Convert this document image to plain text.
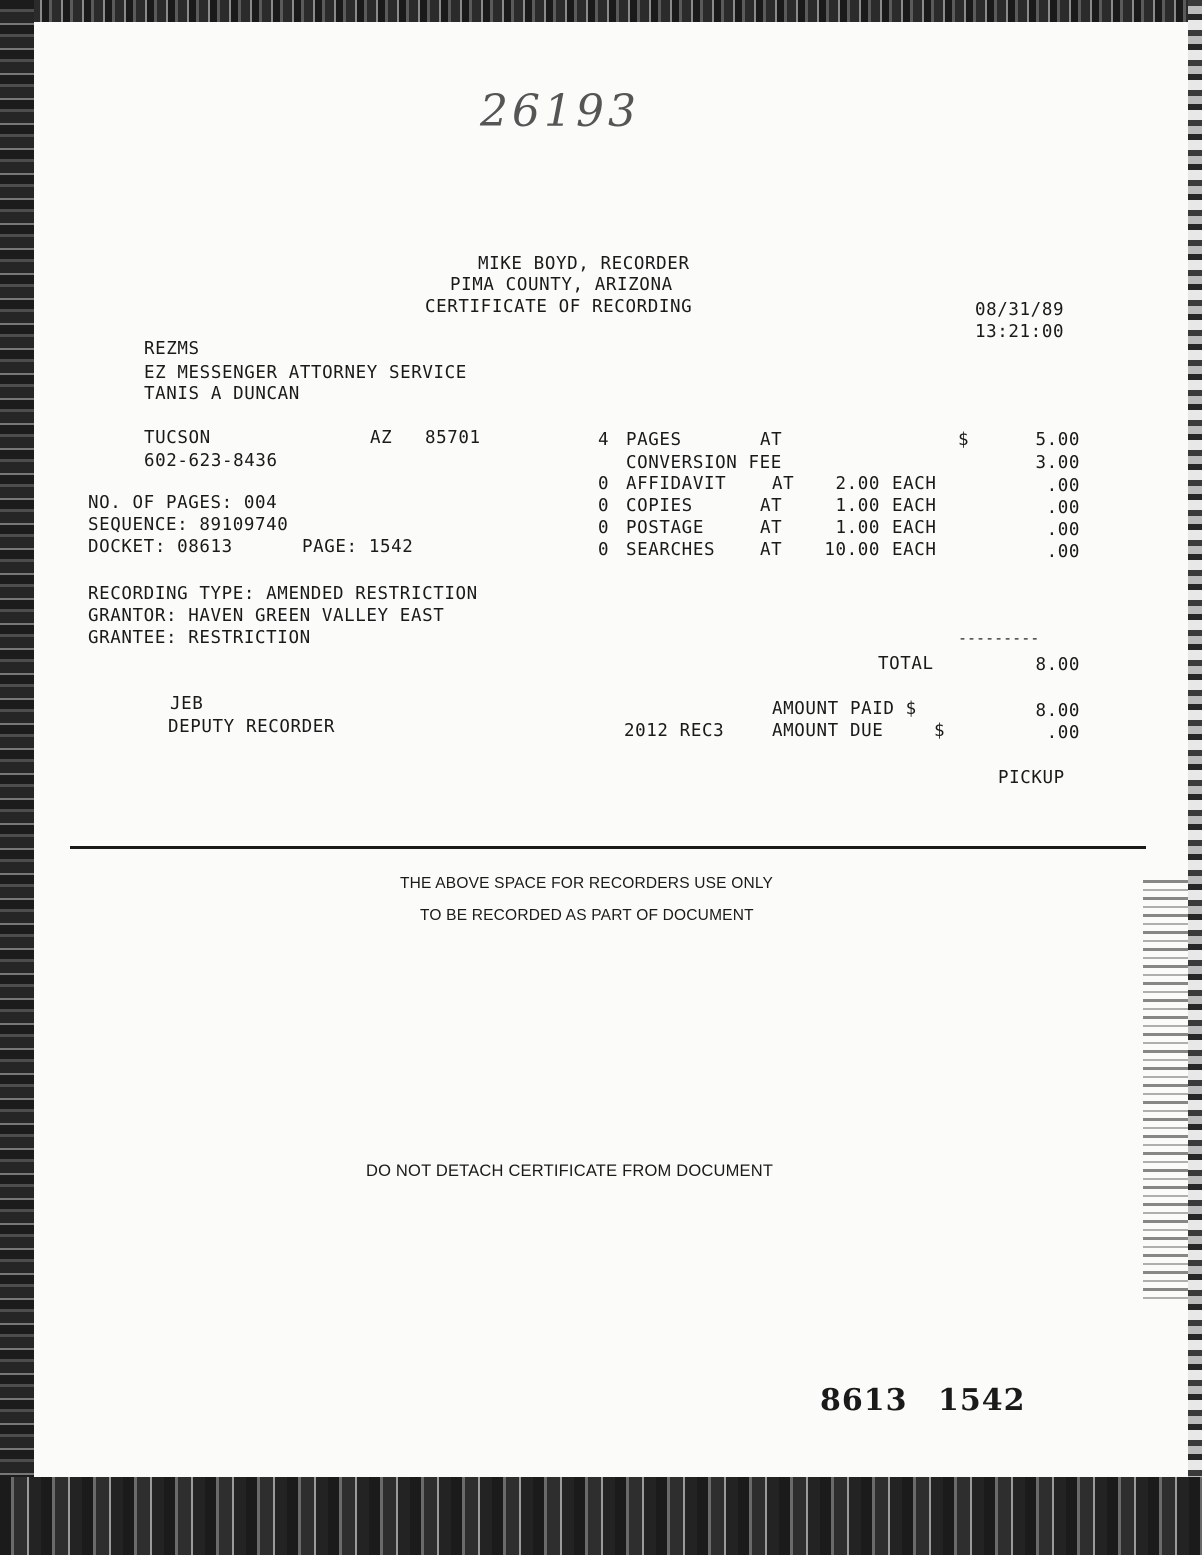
26193
MIKE BOYD, RECORDER
PIMA COUNTY, ARIZONA
CERTIFICATE OF RECORDING	08/31/89
13:21:00
REZMS
EZ MESSENGER ATTORNEY SERVICE
TANIS A DUNCAN
TUCSON	AZ 85701
602-623-8436
NO. OF PAGES: 004
SEQUENCE: 89109740
DOCKET: 08613	PAGE: 1542
RECORDING TYPE: AMENDED RESTRICTION
GRANTOR: HAVEN GREEN VALLEY EAST
GRANTEE: RESTRICTION
4 PAGES	AT	$	5.00
CONVERSION FEE	3.00
0 AFFIDAVIT	AT	2.00 EACH	.00
0 COPIES	AT	1.00 EACH	.00
0 POSTAGE	AT	1.00 EACH	.00
0 SEARCHES	AT	10.00 EACH	.00
---------
TOTAL	8.00
JEB
DEPUTY RECORDER
AMOUNT PAID $	8.00
2012 REC3	AMOUNT DUE	$	.00
PICKUP
THE ABOVE SPACE FOR RECORDERS USE ONLY
TO BE RECORDED AS PART OF DOCUMENT
DO NOT DETACH CERTIFICATE FROM DOCUMENT
8613 1542
